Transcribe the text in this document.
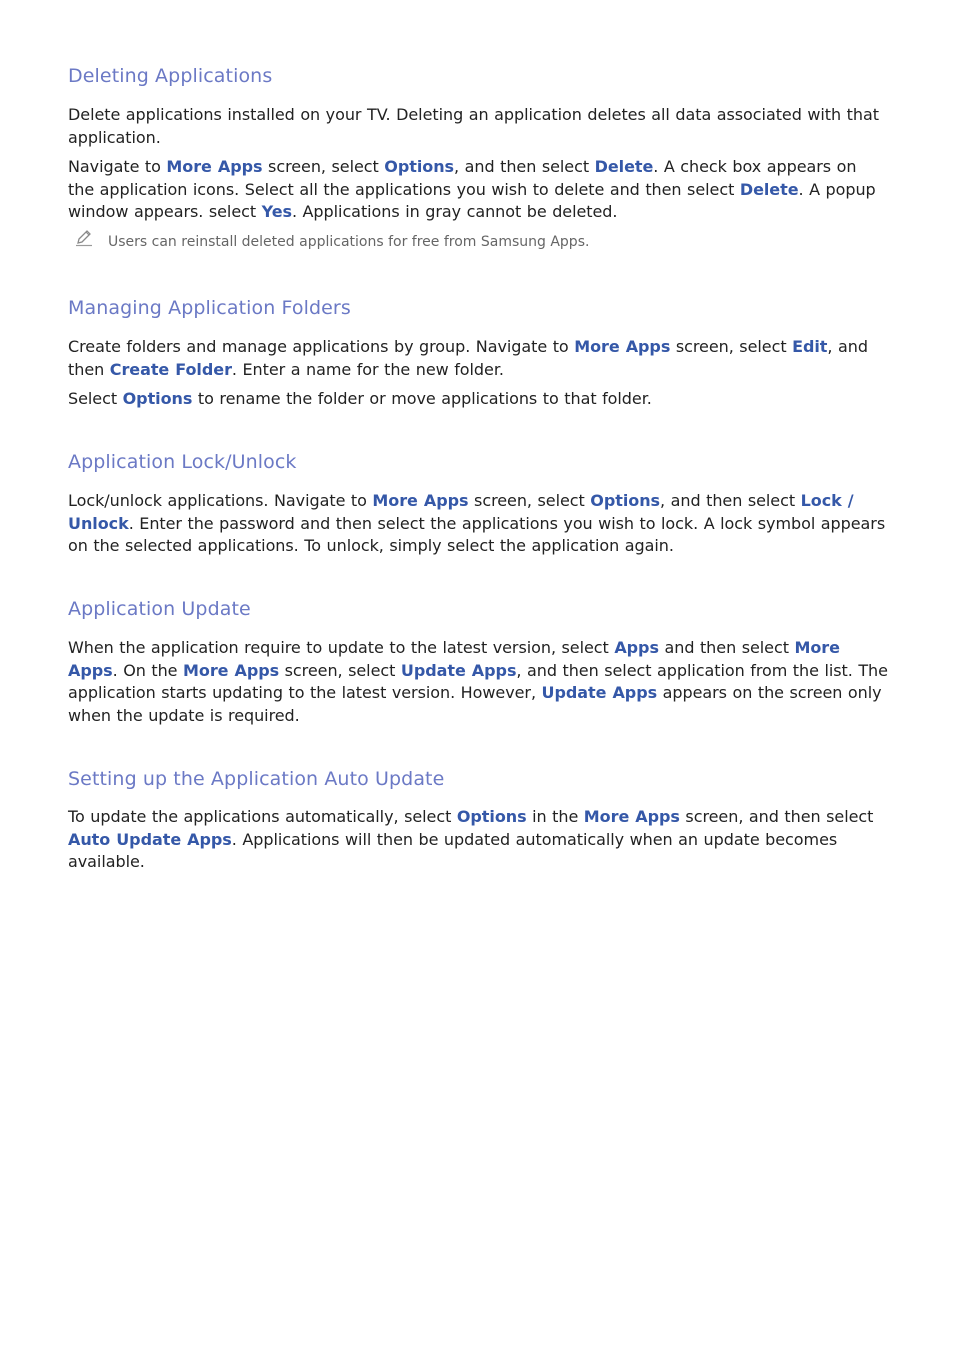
Deleting Applications

Delete applications installed on your TV. Deleting an application deletes all data associated with that application.

Navigate to More Apps screen, select Options, and then select Delete. A check box appears on the application icons. Select all the applications you wish to delete and then select Delete. A popup window appears. select Yes. Applications in gray cannot be deleted.

Users can reinstall deleted applications for free from Samsung Apps.
Managing Application Folders

Create folders and manage applications by group. Navigate to More Apps screen, select Edit, and then Create Folder. Enter a name for the new folder.

Select Options to rename the folder or move applications to that folder.

Application Lock/Unlock

Lock/unlock applications. Navigate to More Apps screen, select Options, and then select Lock / Unlock. Enter the password and then select the applications you wish to lock. A lock symbol appears on the selected applications. To unlock, simply select the application again.

Application Update

When the application require to update to the latest version, select Apps and then select More Apps. On the More Apps screen, select Update Apps, and then select application from the list. The application starts updating to the latest version. However, Update Apps appears on the screen only when the update is required.

Setting up the Application Auto Update

To update the applications automatically, select Options in the More Apps screen, and then select Auto Update Apps. Applications will then be updated automatically when an update becomes available.
